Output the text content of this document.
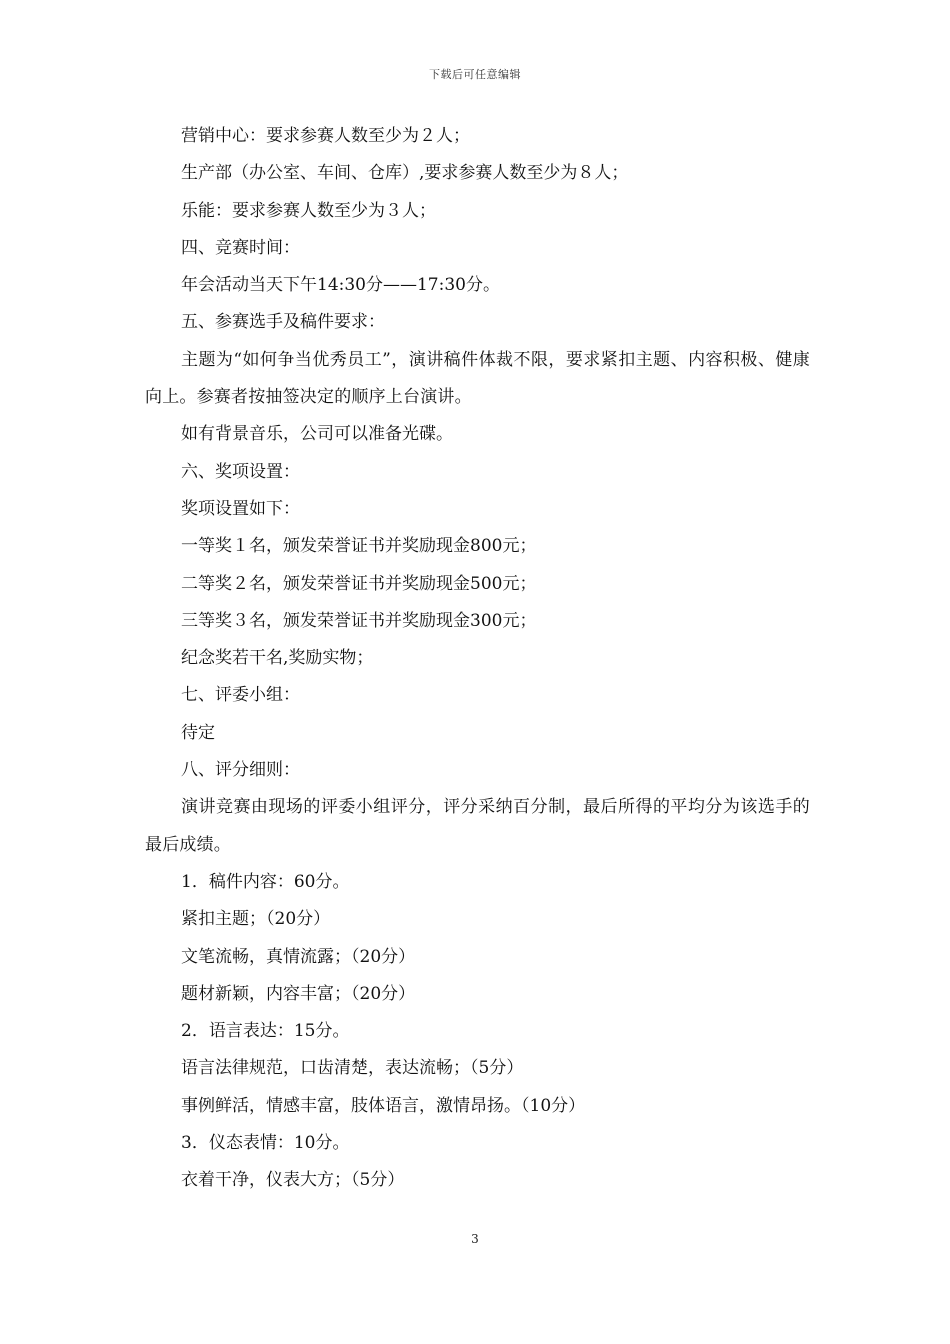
下载后可任意编辑
营销中心：要求参赛人数至少为２人；
生产部（办公室、车间、仓库）,要求参赛人数至少为８人；
乐能：要求参赛人数至少为３人；
四、竞赛时间：
年会活动当天下午14:30分——17:30分。
五、参赛选手及稿件要求：
主题为“如何争当优秀员工”，演讲稿件体裁不限，要求紧扣主题、内容积极、健康向上。参赛者按抽签决定的顺序上台演讲。
如有背景音乐，公司可以准备光碟。
六、奖项设置：
奖项设置如下：
一等奖１名，颁发荣誉证书并奖励现金800元；
二等奖２名，颁发荣誉证书并奖励现金500元；
三等奖３名，颁发荣誉证书并奖励现金300元；
纪念奖若干名,奖励实物；
七、评委小组：
待定
八、评分细则：
演讲竞赛由现场的评委小组评分，评分采纳百分制，最后所得的平均分为该选手的最后成绩。
1．稿件内容：60分。
紧扣主题；（20分）
文笔流畅，真情流露；（20分）
题材新颖，内容丰富；（20分）
2．语言表达：15分。
语言法律规范，口齿清楚，表达流畅；（5分）
事例鲜活，情感丰富，肢体语言，激情昂扬。（10分）
3．仪态表情：10分。
衣着干净，仪表大方；（5分）
3
